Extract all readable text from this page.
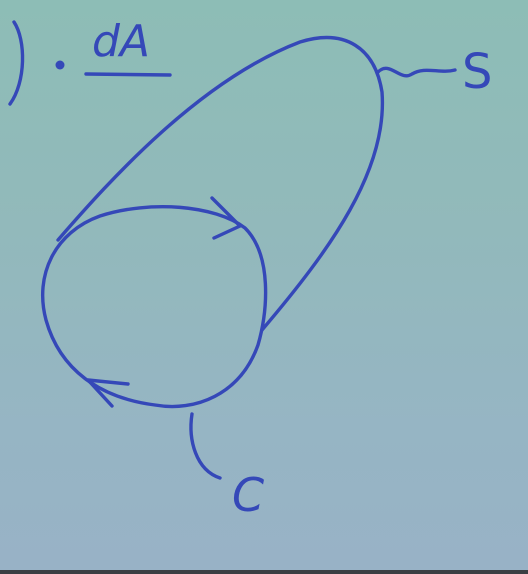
dA
S
C
